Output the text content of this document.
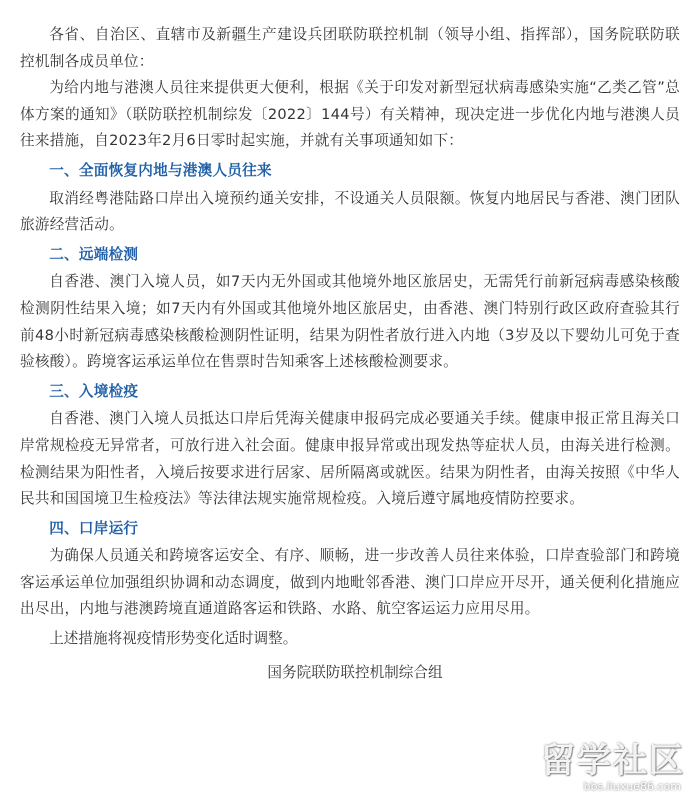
各省、自治区、直辖市及新疆生产建设兵团联防联控机制（领导小组、指挥部），国务院联防联控机制各成员单位：

为给内地与港澳人员往来提供更大便利，根据《关于印发对新型冠状病毒感染实施“乙类乙管”总体方案的通知》（联防联控机制综发〔2022〕144号）有关精神，现决定进一步优化内地与港澳人员往来措施，自2023年2月6日零时起实施，并就有关事项通知如下：

一、全面恢复内地与港澳人员往来

取消经粤港陆路口岸出入境预约通关安排，不设通关人员限额。恢复内地居民与香港、澳门团队旅游经营活动。

二、远端检测

自香港、澳门入境人员，如7天内无外国或其他境外地区旅居史，无需凭行前新冠病毒感染核酸检测阴性结果入境；如7天内有外国或其他境外地区旅居史，由香港、澳门特别行政区政府查验其行前48小时新冠病毒感染核酸检测阴性证明，结果为阴性者放行进入内地（3岁及以下婴幼儿可免于查验核酸）。跨境客运承运单位在售票时告知乘客上述核酸检测要求。

三、入境检疫

自香港、澳门入境人员抵达口岸后凭海关健康申报码完成必要通关手续。健康申报正常且海关口岸常规检疫无异常者，可放行进入社会面。健康申报异常或出现发热等症状人员，由海关进行检测。检测结果为阳性者，入境后按要求进行居家、居所隔离或就医。结果为阴性者，由海关按照《中华人民共和国国境卫生检疫法》等法律法规实施常规检疫。入境后遵守属地疫情防控要求。

四、口岸运行

为确保人员通关和跨境客运安全、有序、顺畅，进一步改善人员往来体验，口岸查验部门和跨境客运承运单位加强组织协调和动态调度，做到内地毗邻香港、澳门口岸应开尽开，通关便利化措施应出尽出，内地与港澳跨境直通道路客运和铁路、水路、航空客运运力应用尽用。

上述措施将视疫情形势变化适时调整。

国务院联防联控机制综合组

留学社区
bbs.liuxue86.com
